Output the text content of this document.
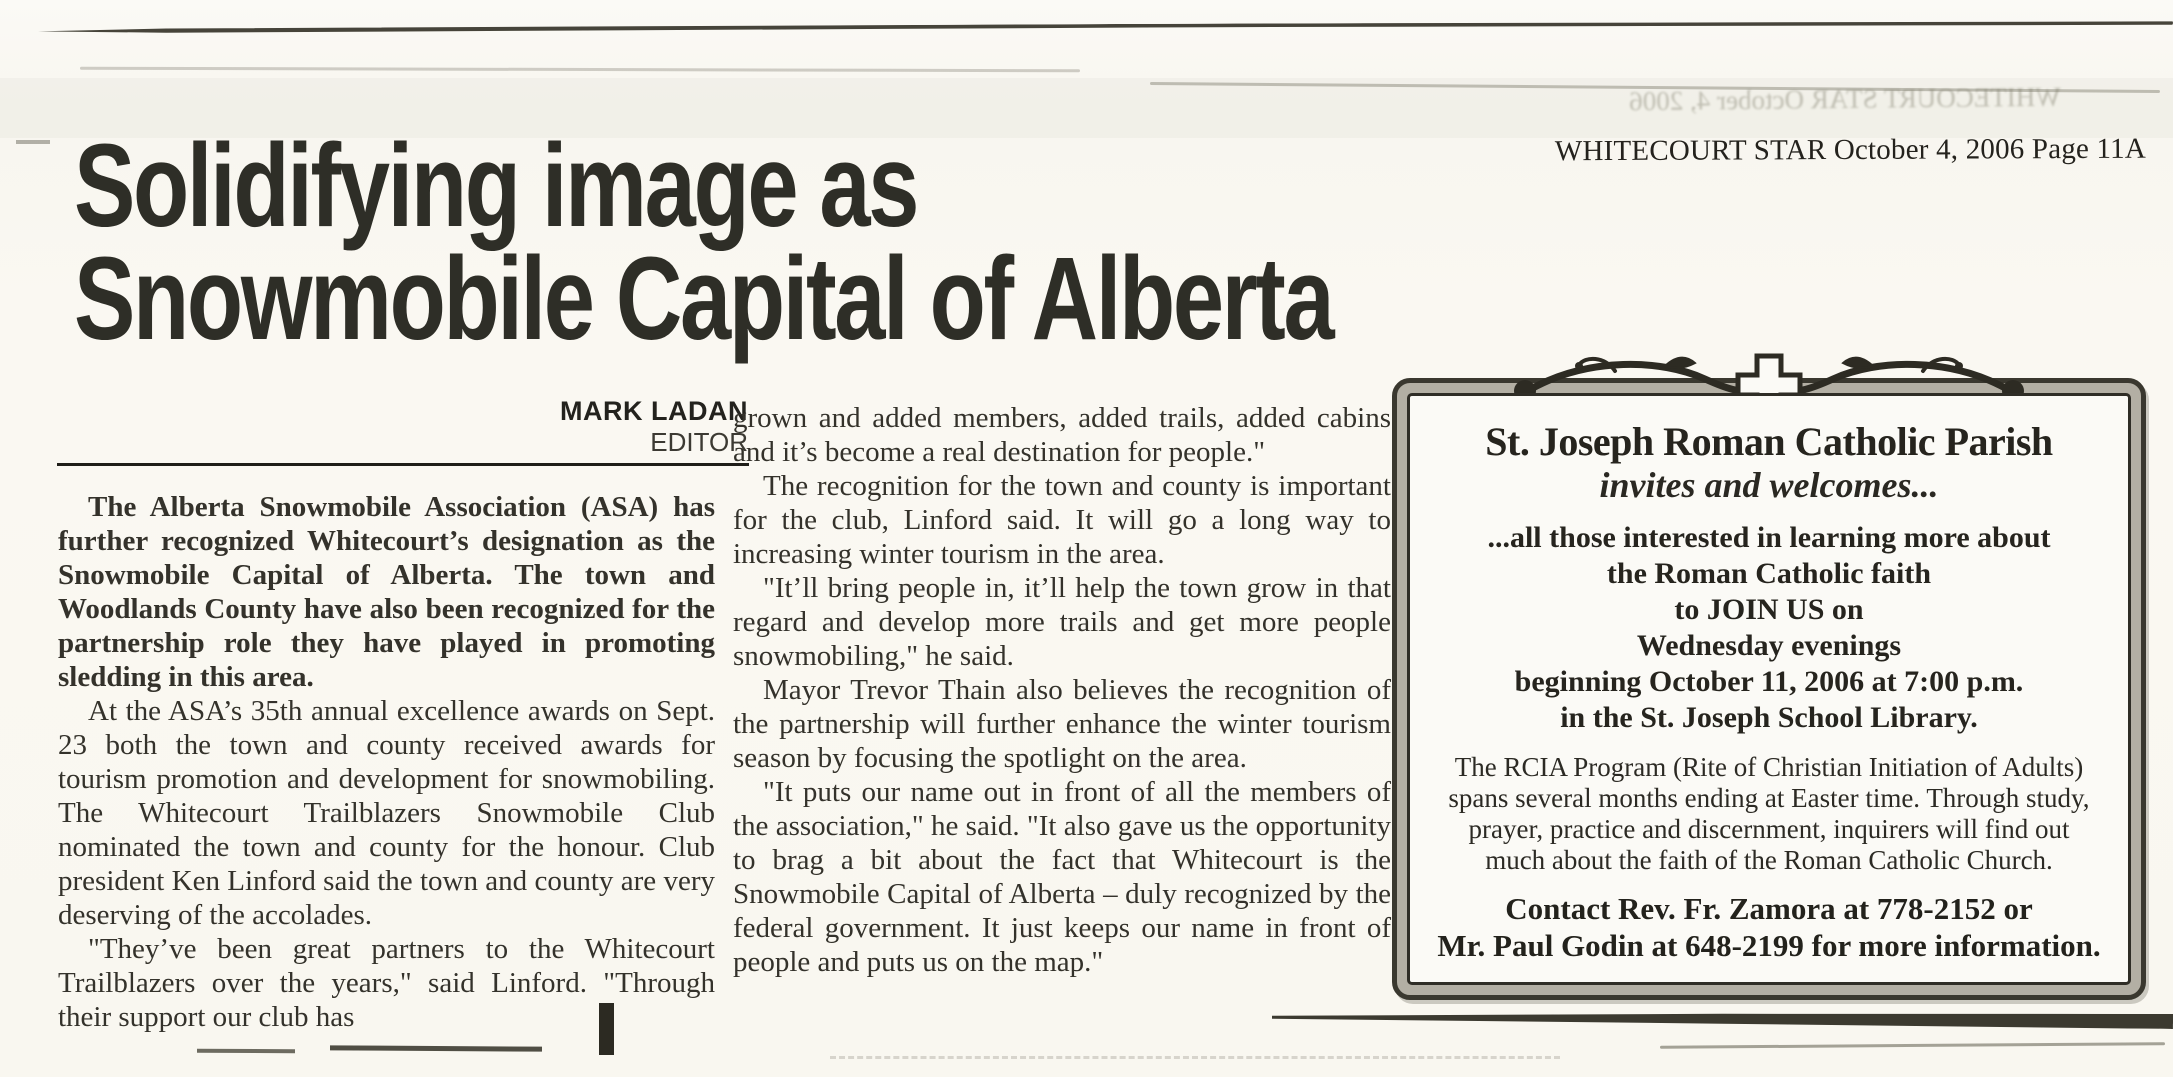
WHITECOURT STAR October 4, 2006
WHITECOURT STAR October 4, 2006 Page 11A
Solidifying image as
Snowmobile Capital of Alberta
MARK LADAN
EDITOR

The Alberta Snowmobile Association (ASA) has further recognized Whitecourt’s designation as the Snowmobile Capital of Alberta. The town and Woodlands County have also been recognized for the partnership role they have played in promoting sledding in this area.

At the ASA’s 35th annual excellence awards on Sept. 23 both the town and county received awards for tourism promotion and development for snowmobiling. The Whitecourt Trailblazers Snowmobile Club nominated the town and county for the honour. Club president Ken Linford said the town and county are very deserving of the accolades.

"They’ve been great partners to the Whitecourt Trailblazers over the years," said Linford. "Through their support our club has

grown and added members, added trails, added cabins and it’s become a real destination for people."

The recognition for the town and county is important for the club, Linford said. It will go a long way to increasing winter tourism in the area.

"It’ll bring people in, it’ll help the town grow in that regard and develop more trails and get more people snowmobiling," he said.

Mayor Trevor Thain also believes the recognition of the partnership will further enhance the winter tourism season by focusing the spotlight on the area.

"It puts our name out in front of all the members of the association," he said. "It also gave us the opportunity to brag a bit about the fact that Whitecourt is the Snowmobile Capital of Alberta – duly recognized by the federal government. It just keeps our name in front of people and puts us on the map."

St. Joseph Roman Catholic Parish
invites and welcomes...
...all those interested in learning more about
the Roman Catholic faith
to JOIN US on
Wednesday evenings
beginning October 11, 2006 at 7:00 p.m.
in the St. Joseph School Library.
The RCIA Program (Rite of Christian Initiation of Adults) spans several months ending at Easter time. Through study, prayer, practice and discernment, inquirers will find out much about the faith of the Roman Catholic Church.
Contact Rev. Fr. Zamora at 778-2152 or
Mr. Paul Godin at 648-2199 for more information.
